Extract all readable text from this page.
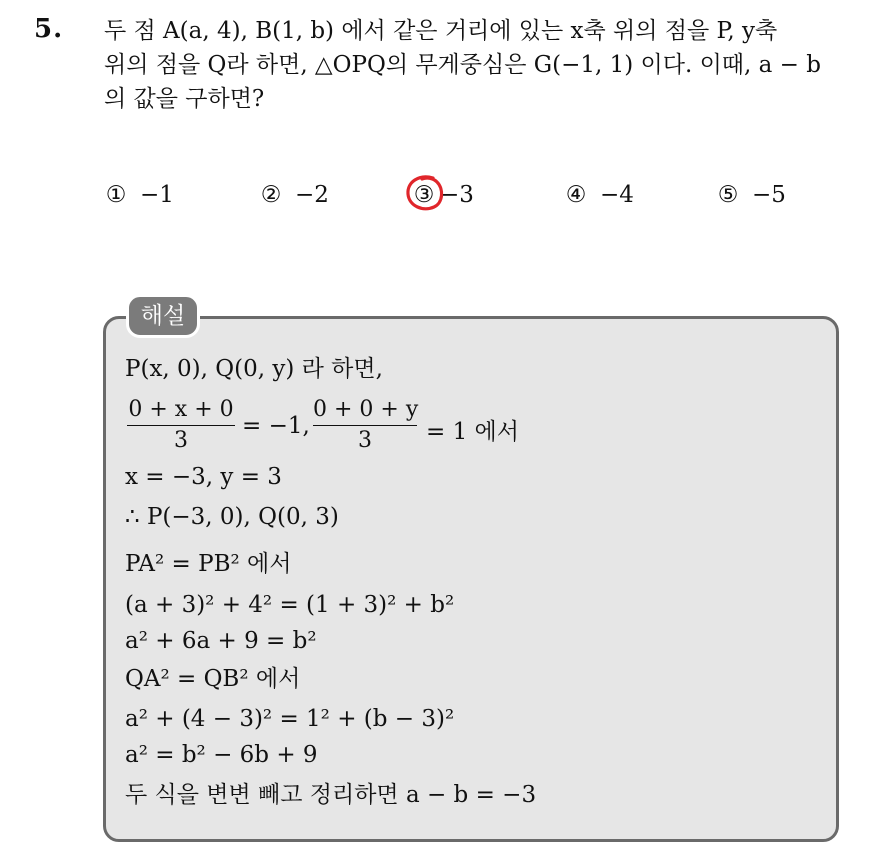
5. 두 점 A(a, 4), B(1, b) 에서 같은 거리에 있는 x축 위의 점을 P, y축
위의 점을 Q라 하면, △OPQ의 무게중심은 G(−1, 1) 이다. 이때, a − b
의 값을 구하면?
① −1	② −2	③ −3	④ −4	⑤ −5
해설
P(x, 0), Q(0, y) 라 하면,
0 + x + 0
3
= −1,
0 + 0 + y
3	= 1 에서
x = −3, y = 3
∴ P(−3, 0), Q(0, 3)
PA² = PB² 에서
(a + 3)² + 4² = (1 + 3)² + b²
a² + 6a + 9 = b²
QA² = QB² 에서
a² + (4 − 3)² = 1² + (b − 3)²
a² = b² − 6b + 9
두 식을 변변 빼고 정리하면 a − b = −3
